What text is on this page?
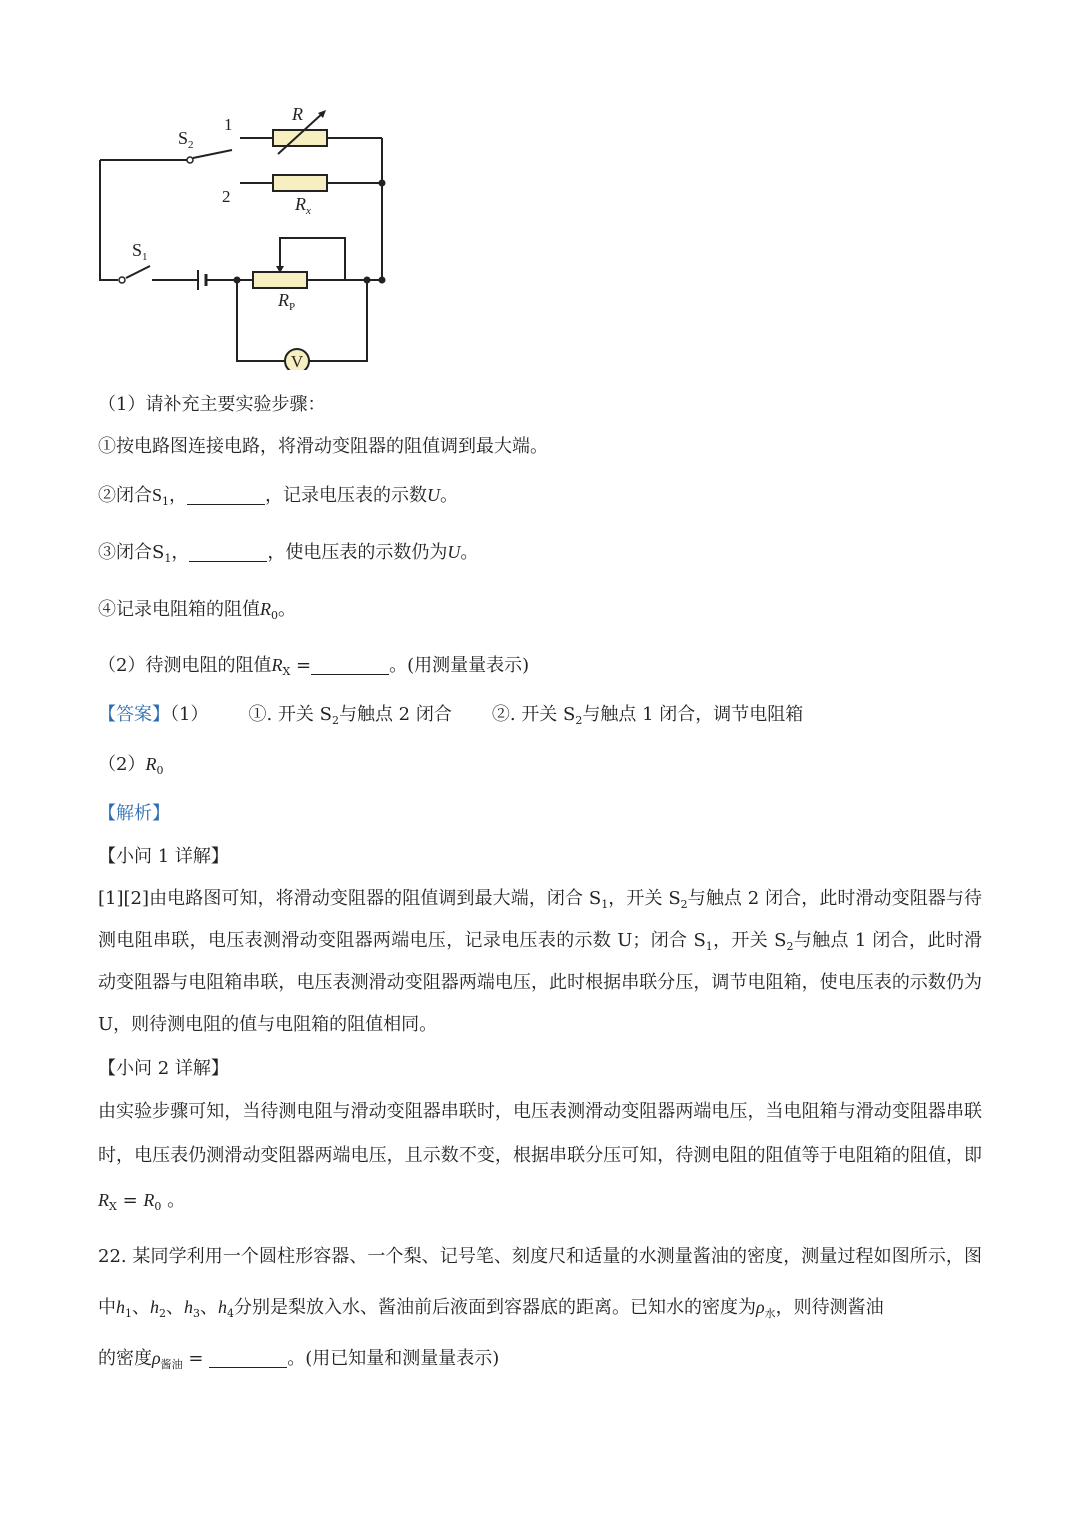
V
R
$R_x$
$R_P$
$S_2$
$S_1$
1
2
（1）请补充主要实验步骤：
①按电路图连接电路，将滑动变阻器的阻值调到最大端。
②闭合$S_1$，	，记录电压表的示数U。
③闭合$S_1$，	，使电压表的示数仍为U。
④记录电阻箱的阻值$R_0$。
（2）待测电阻的阻值$R_X$ =	。(用测量量表示)
【答案】（1） ①. 开关 $S_2$与触点 2 闭合 ②. 开关 $S_2$与触点 1 闭合，调节电阻箱
$(2)R_0$
【解析】
【小问 1 详解】
[1][2]由电路图可知，将滑动变阻器的阻值调到最大端，闭合 $S_1$，开关 $S_2$与触点 2 闭合，此时滑动变阻器与待测电阻串联，电压表测滑动变阻器两端电压，记录电压表的示数 U；闭合 $S_1$，开关 $S_2$与触点 1 闭合，此时滑动变阻器与电阻箱串联，电压表测滑动变阻器两端电压，此时根据串联分压，调节电阻箱，使电压表的示数仍为 U，则待测电阻的值与电阻箱的阻值相同。
【小问 2 详解】
由实验步骤可知，当待测电阻与滑动变阻器串联时，电压表测滑动变阻器两端电压，当电阻箱与滑动变阻器串联时，电压表仍测滑动变阻器两端电压，且示数不变，根据串联分压可知，待测电阻的阻值等于电阻箱的阻值，即 $R_X = R_0$ 。
22. 某同学利用一个圆柱形容器、一个梨、记号笔、刻度尺和适量的水测量酱油的密度，测量过程如图所示，图中$h_1$、$h_2$、$h_3$、$h_4$分别是梨放入水、酱油前后液面到容器底的距离。已知水的密度为$\rho_水$，则待测酱油
的密度$\rho_{酱油}$ =	。(用已知量和测量量表示)
